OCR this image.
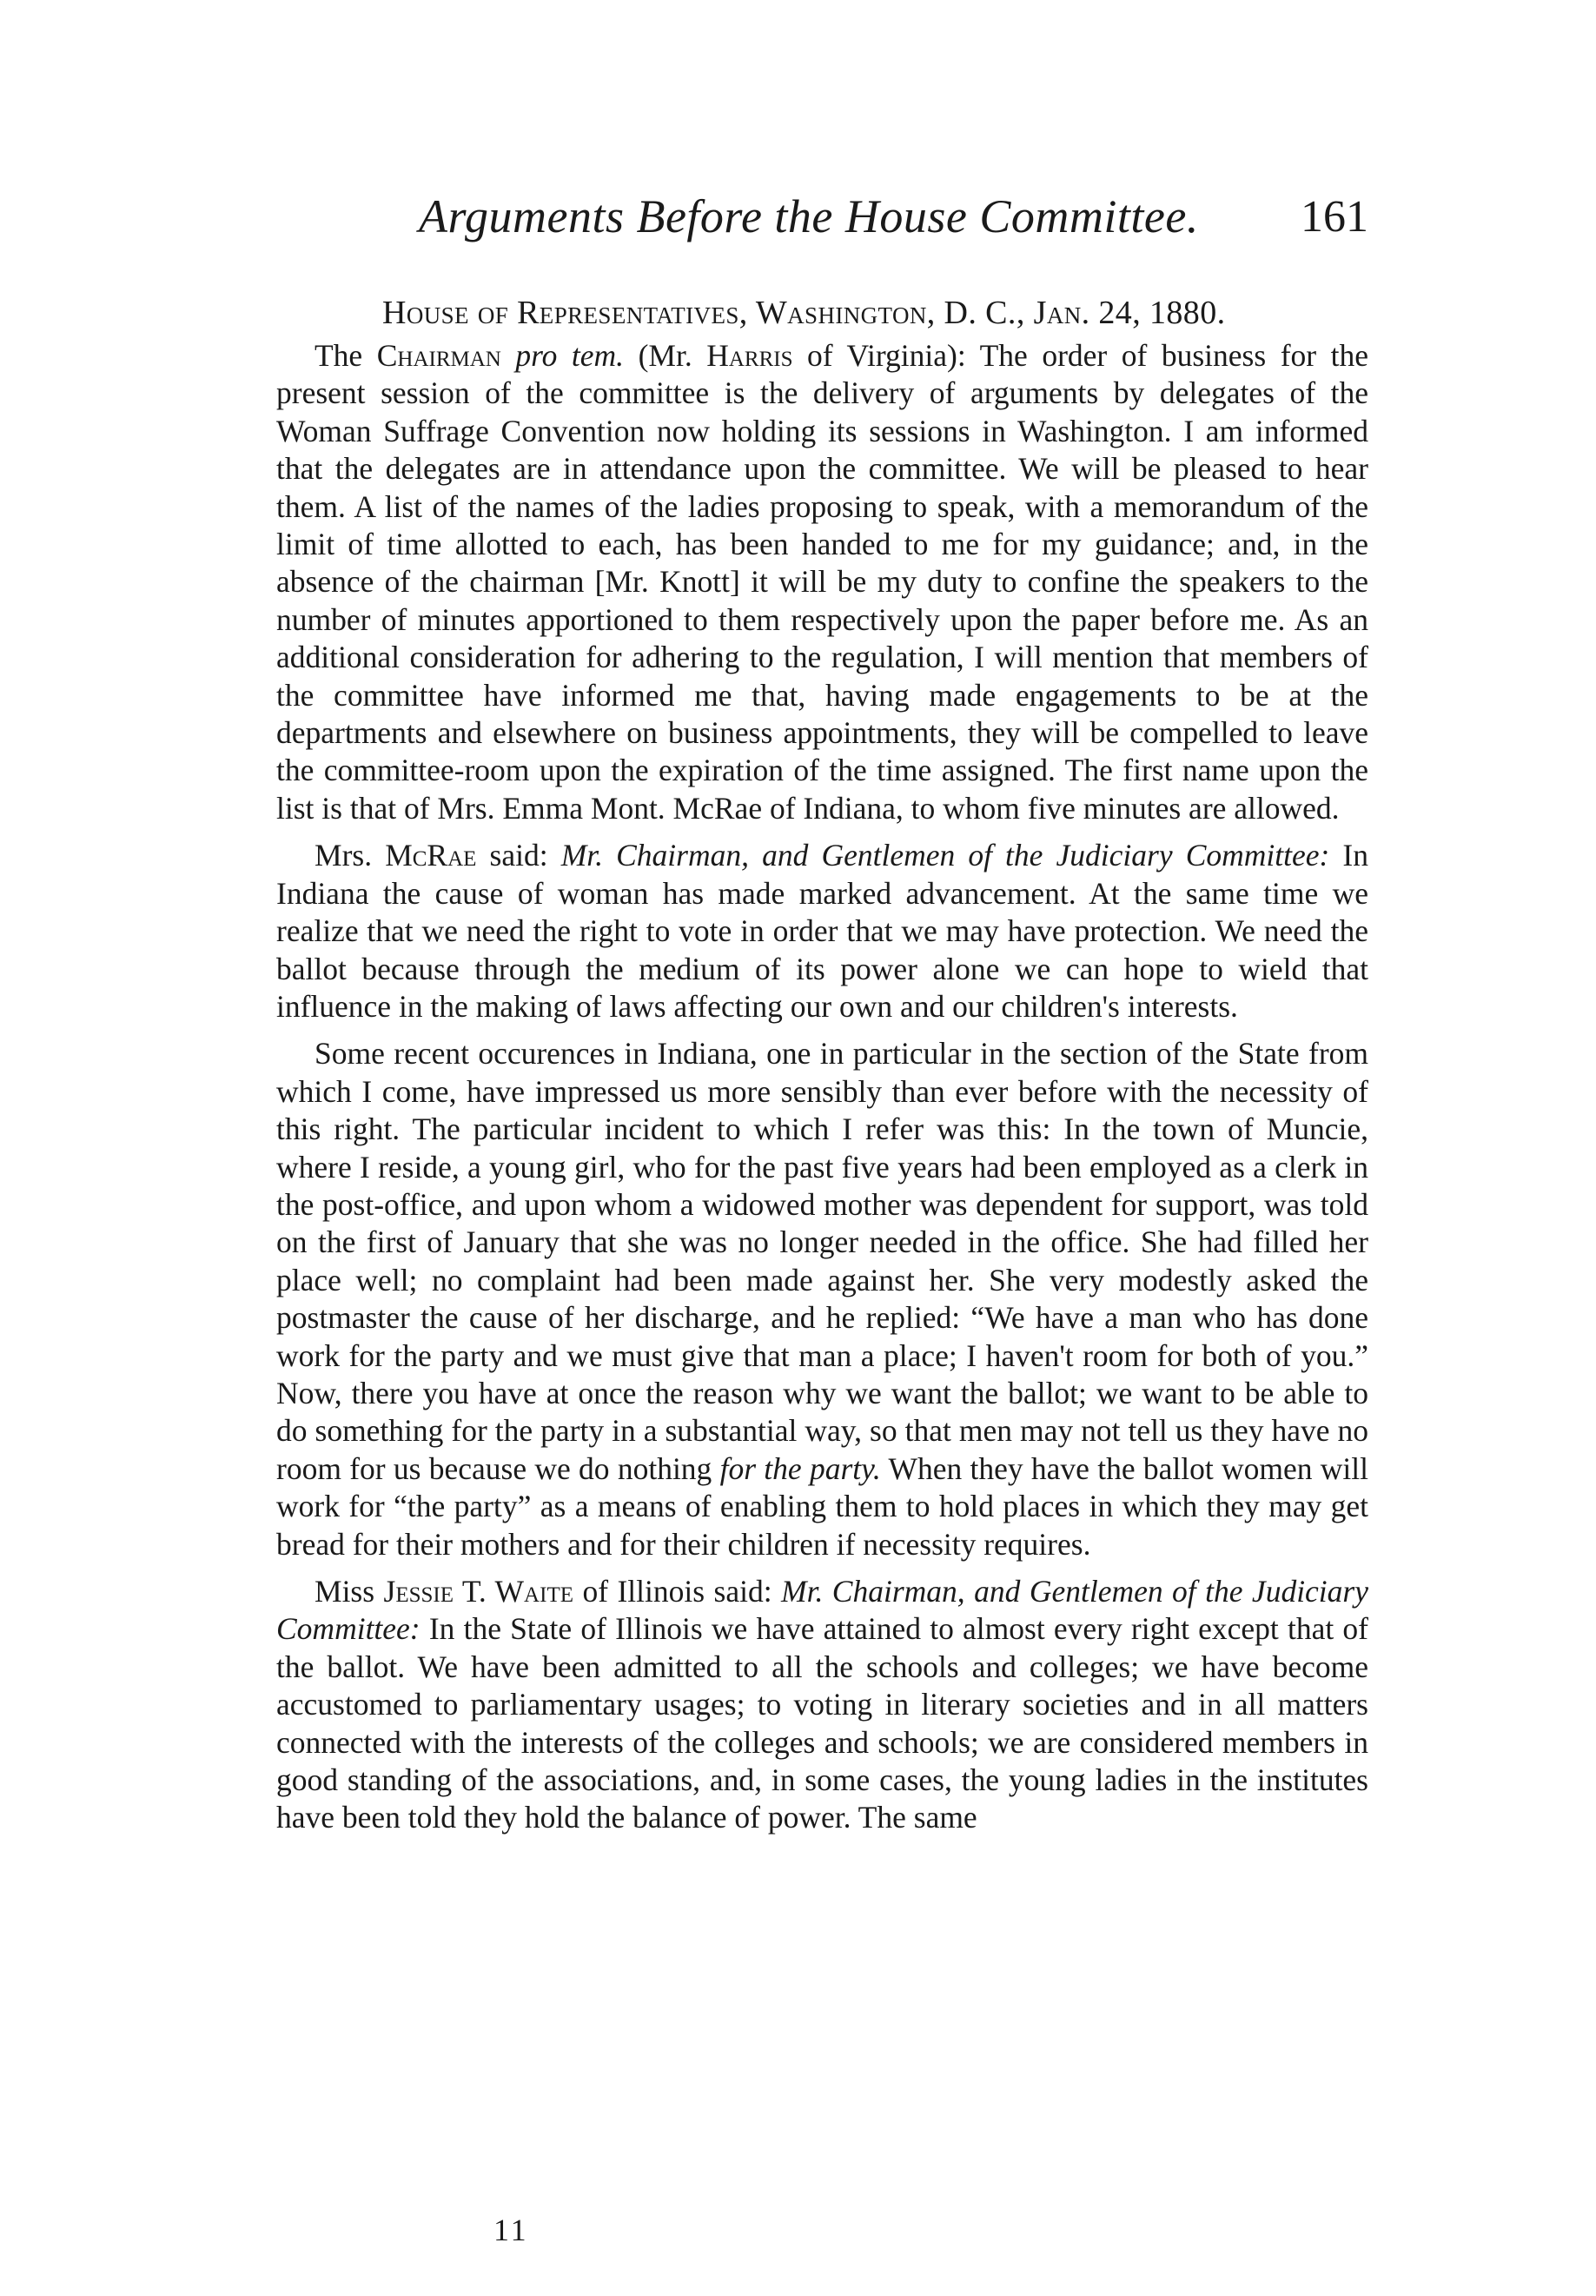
Arguments Before the House Committee. 161
House of Representatives, Washington, D. C., Jan. 24, 1880.

The Chairman pro tem. (Mr. Harris of Virginia): The order of business for the present session of the committee is the delivery of arguments by delegates of the Woman Suffrage Convention now holding its sessions in Washington. I am informed that the delegates are in attendance upon the committee. We will be pleased to hear them. A list of the names of the ladies proposing to speak, with a memorandum of the limit of time allotted to each, has been handed to me for my guidance; and, in the absence of the chairman [Mr. Knott] it will be my duty to confine the speakers to the number of minutes apportioned to them respectively upon the paper before me. As an additional consideration for adhering to the regulation, I will mention that members of the committee have informed me that, having made engagements to be at the departments and elsewhere on business appointments, they will be compelled to leave the committee-room upon the expiration of the time assigned. The first name upon the list is that of Mrs. Emma Mont. McRae of Indiana, to whom five minutes are allowed.

Mrs. McRae said: Mr. Chairman, and Gentlemen of the Judiciary Committee: In Indiana the cause of woman has made marked advancement. At the same time we realize that we need the right to vote in order that we may have protection. We need the ballot because through the medium of its power alone we can hope to wield that influence in the making of laws affecting our own and our children's interests.

Some recent occurences in Indiana, one in particular in the section of the State from which I come, have impressed us more sensibly than ever before with the necessity of this right. The particular incident to which I refer was this: In the town of Muncie, where I reside, a young girl, who for the past five years had been employed as a clerk in the post-office, and upon whom a widowed mother was dependent for support, was told on the first of January that she was no longer needed in the office. She had filled her place well; no complaint had been made against her. She very modestly asked the postmaster the cause of her discharge, and he replied: “We have a man who has done work for the party and we must give that man a place; I haven't room for both of you.” Now, there you have at once the reason why we want the ballot; we want to be able to do something for the party in a substantial way, so that men may not tell us they have no room for us because we do nothing for the party. When they have the ballot women will work for “the party” as a means of enabling them to hold places in which they may get bread for their mothers and for their children if necessity requires.

Miss Jessie T. Waite of Illinois said: Mr. Chairman, and Gentlemen of the Judiciary Committee: In the State of Illinois we have attained to almost every right except that of the ballot. We have been admitted to all the schools and colleges; we have become accustomed to parliamentary usages; to voting in literary societies and in all matters connected with the interests of the colleges and schools; we are considered members in good standing of the associations, and, in some cases, the young ladies in the institutes have been told they hold the balance of power. The same

11
